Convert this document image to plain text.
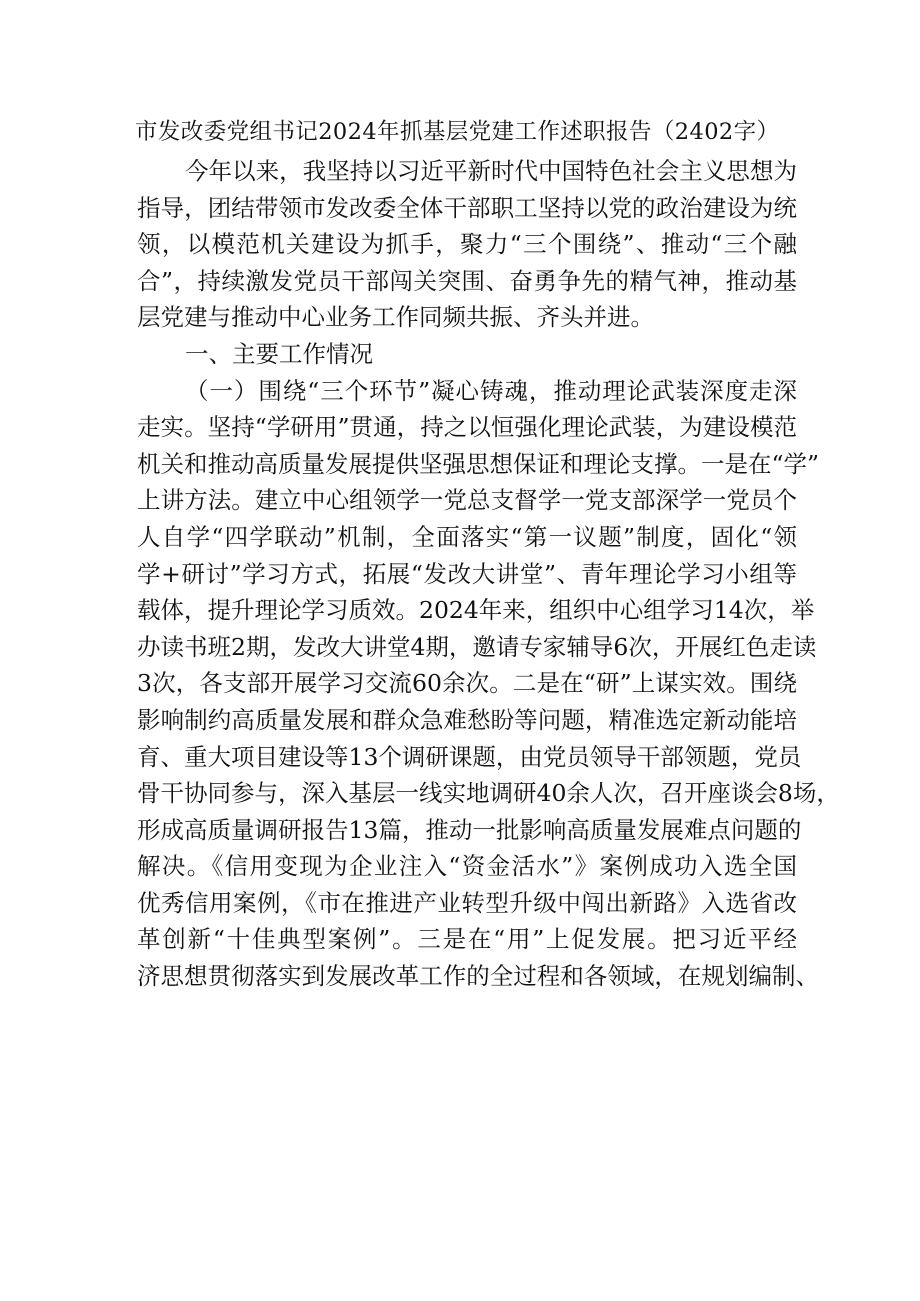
市发改委党组书记2024年抓基层党建工作述职报告（2402字）
今年以来，我坚持以习近平新时代中国特色社会主义思想为
指导，团结带领市发改委全体干部职工坚持以党的政治建设为统
领，以模范机关建设为抓手，聚力“三个围绕”、推动“三个融
合”，持续激发党员干部闯关突围、奋勇争先的精气神，推动基
层党建与推动中心业务工作同频共振、齐头并进。
一、主要工作情况
（一）围绕“三个环节”凝心铸魂，推动理论武装深度走深
走实。坚持“学研用”贯通，持之以恒强化理论武装，为建设模范
机关和推动高质量发展提供坚强思想保证和理论支撑。一是在“学”
上讲方法。建立中心组领学一党总支督学一党支部深学一党员个
人自学“四学联动”机制，全面落实“第一议题”制度，固化“领
学+研讨”学习方式，拓展“发改大讲堂”、青年理论学习小组等
载体，提升理论学习质效。2024年来，组织中心组学习14次，举
办读书班2期，发改大讲堂4期，邀请专家辅导6次，开展红色走读
3次，各支部开展学习交流60余次。二是在“研”上谋实效。围绕
影响制约高质量发展和群众急难愁盼等问题，精准选定新动能培
育、重大项目建设等13个调研课题，由党员领导干部领题，党员
骨干协同参与，深入基层一线实地调研40余人次，召开座谈会8场，
形成高质量调研报告13篇，推动一批影响高质量发展难点问题的
解决。《信用变现为企业注入“资金活水”》案例成功入选全国
优秀信用案例，《市在推进产业转型升级中闯出新路》入选省改
革创新“十佳典型案例”。三是在“用”上促发展。把习近平经
济思想贯彻落实到发展改革工作的全过程和各领域，在规划编制、
